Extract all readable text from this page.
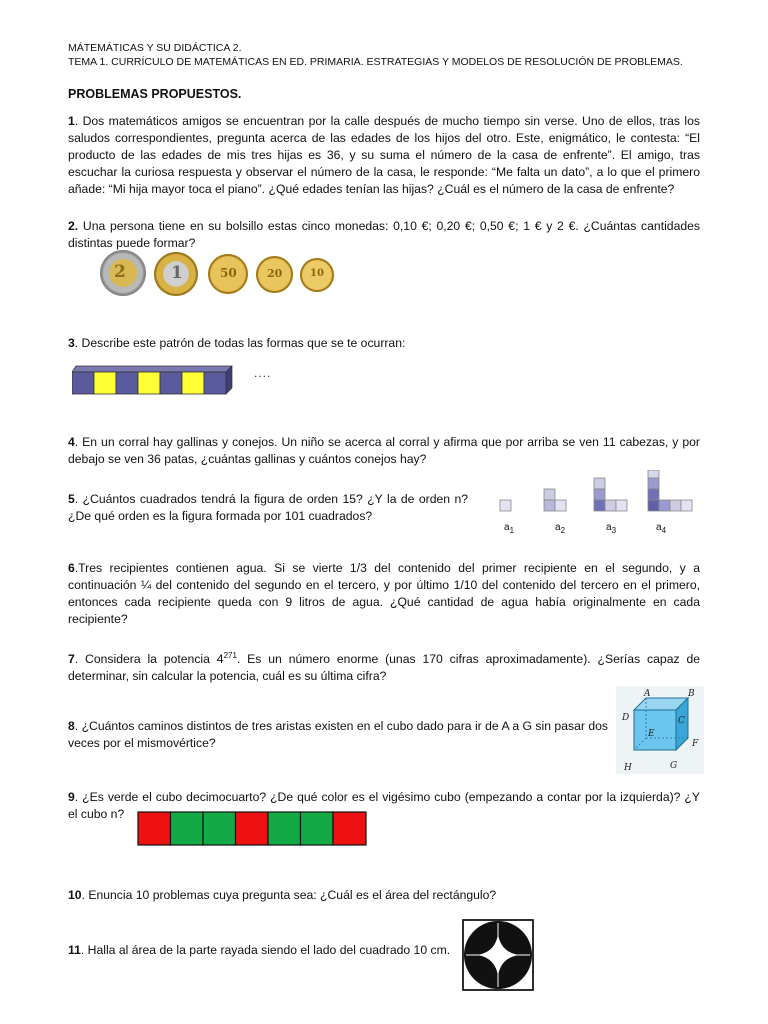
MÁTEMÁTICAS Y SU DIDÁCTICA 2.
TEMA 1. CURRÍCULO DE MATEMÁTICAS EN ED. PRIMARIA. ESTRATEGIAS Y MODELOS DE RESOLUCIÓN DE PROBLEMAS.
PROBLEMAS PROPUESTOS.
1. Dos matemáticos amigos se encuentran por la calle después de mucho tiempo sin verse. Uno de ellos, tras los saludos correspondientes, pregunta acerca de las edades de los hijos del otro. Este, enigmático, le contesta: “El producto de las edades de mis tres hijas es 36, y su suma el número de la casa de enfrente”. El amigo, tras escuchar la curiosa respuesta y observar el número de la casa, le responde: “Me falta un dato”, a lo que el primero añade: “Mi hija mayor toca el piano”. ¿Qué edades tenían las hijas? ¿Cuál es el número de la casa de enfrente?
2. Una persona tiene en su bolsillo estas cinco monedas: 0,10 €; 0,20 €; 0,50 €; 1 € y 2 €. ¿Cuántas cantidades distintas puede formar?
2	1	50	20	10
3. Describe este patrón de todas las formas que se te ocurran:
....
4. En un corral hay gallinas y conejos. Un niño se acerca al corral y afirma que por arriba se ven 11 cabezas, y por debajo se ven 36 patas, ¿cuántas gallinas y cuántos conejos hay?
5. ¿Cuántos cuadrados tendrá la figura de orden 15? ¿Y la de orden n? ¿De qué orden es la figura formada por 101 cuadrados?
$a_1$	$a_2$	$a_3$	$a_4$
6.Tres recipientes contienen agua. Si se vierte 1/3 del contenido del primer recipiente en el segundo, y a continuación ¼ del contenido del segundo en el tercero, y por último 1/10 del contenido del tercero en el primero, entonces cada recipiente queda con 9 litros de agua. ¿Qué cantidad de agua había originalmente en cada recipiente?
7. Considera la potencia $4^{271}$. Es un número enorme (unas 170 cifras aproximadamente). ¿Serías capaz de determinar, sin calcular la potencia, cuál es su última cifra?
8. ¿Cuántos caminos distintos de tres aristas existen en el cubo dado para ir de A a G sin pasar dos veces por el mismovértice?
A	B
C
D
E
F
G
H
9. ¿Es verde el cubo decimocuarto? ¿De qué color es el vigésimo cubo (empezando a contar por la izquierda)? ¿Y el cubo n?
10. Enuncia 10 problemas cuya pregunta sea: ¿Cuál es el área del rectángulo?
11. Halla al área de la parte rayada siendo el lado del cuadrado 10 cm.
